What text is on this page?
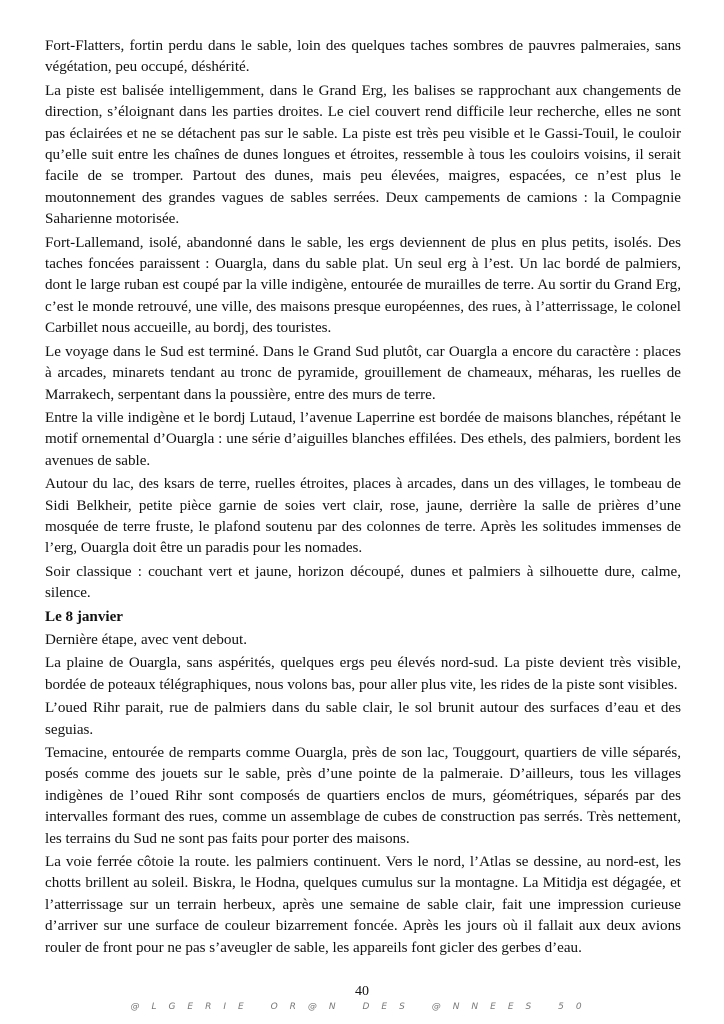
Fort-Flatters, fortin perdu dans le sable, loin des quelques taches sombres de pauvres palmeraies, sans végétation, peu occupé, déshérité.

La piste est balisée intelligemment, dans le Grand Erg, les balises se rapprochant aux changements de direction, s’éloignant dans les parties droites. Le ciel couvert rend difficile leur recherche, elles ne sont pas éclairées et ne se détachent pas sur le sable. La piste est très peu visible et le Gassi-Touil, le couloir qu’elle suit entre les chaînes de dunes longues et étroites, ressemble à tous les couloirs voisins, il serait facile de se tromper. Partout des dunes, mais peu élevées, maigres, espacées, ce n’est plus le moutonnement des grandes vagues de sables serrées. Deux campements de camions : la Compagnie Saharienne motorisée.

Fort-Lallemand, isolé, abandonné dans le sable, les ergs deviennent de plus en plus petits, isolés. Des taches foncées paraissent : Ouargla, dans du sable plat. Un seul erg à l’est. Un lac bordé de palmiers, dont le large ruban est coupé par la ville indigène, entourée de murailles de terre. Au sortir du Grand Erg, c’est le monde retrouvé, une ville, des maisons presque européennes, des rues, à l’atterrissage, le colonel Carbillet nous accueille, au bordj, des touristes.

Le voyage dans le Sud est terminé. Dans le Grand Sud plutôt, car Ouargla a encore du caractère : places à arcades, minarets tendant au tronc de pyramide, grouillement de chameaux, méharas, les ruelles de Marrakech, serpentant dans la poussière, entre des murs de terre.

Entre la ville indigène et le bordj Lutaud, l’avenue Laperrine est bordée de maisons blanches, répétant le motif ornemental d’Ouargla : une série d’aiguilles blanches effilées. Des ethels, des palmiers, bordent les avenues de sable.

Autour du lac, des ksars de terre, ruelles étroites, places à arcades, dans un des villages, le tombeau de Sidi Belkheir, petite pièce garnie de soies vert clair, rose, jaune, derrière la salle de prières d’une mosquée de terre fruste, le plafond soutenu par des colonnes de terre. Après les solitudes immenses de l’erg, Ouargla doit être un paradis pour les nomades.

Soir classique : couchant vert et jaune, horizon découpé, dunes et palmiers à silhouette dure, calme, silence.

Le 8 janvier

Dernière étape, avec vent debout.

La plaine de Ouargla, sans aspérités, quelques ergs peu élevés nord-sud. La piste devient très visible, bordée de poteaux télégraphiques, nous volons bas, pour aller plus vite, les rides de la piste sont visibles.

L’oued Rihr parait, rue de palmiers dans du sable clair, le sol brunit autour des surfaces d’eau et des seguias.

Temacine, entourée de remparts comme Ouargla, près de son lac, Touggourt, quartiers de ville séparés, posés comme des jouets sur le sable, près d’une pointe de la palmeraie. D’ailleurs, tous les villages indigènes de l’oued Rihr sont composés de quartiers enclos de murs, géométriques, séparés par des intervalles formant des rues, comme un assemblage de cubes de construction pas serrés. Très nettement, les terrains du Sud ne sont pas faits pour porter des maisons.

La voie ferrée côtoie la route. les palmiers continuent. Vers le nord, l’Atlas se dessine, au nord-est, les chotts brillent au soleil. Biskra, le Hodna, quelques cumulus sur la montagne. La Mitidja est dégagée, et l’atterrissage sur un terrain herbeux, après une semaine de sable clair, fait une impression curieuse d’arriver sur une surface de couleur bizarrement foncée. Après les jours où il fallait aux deux avions rouler de front pour ne pas s’aveugler de sable, les appareils font gicler des gerbes d’eau.

40
@LGERIE OR@N DES @NNEES 50
